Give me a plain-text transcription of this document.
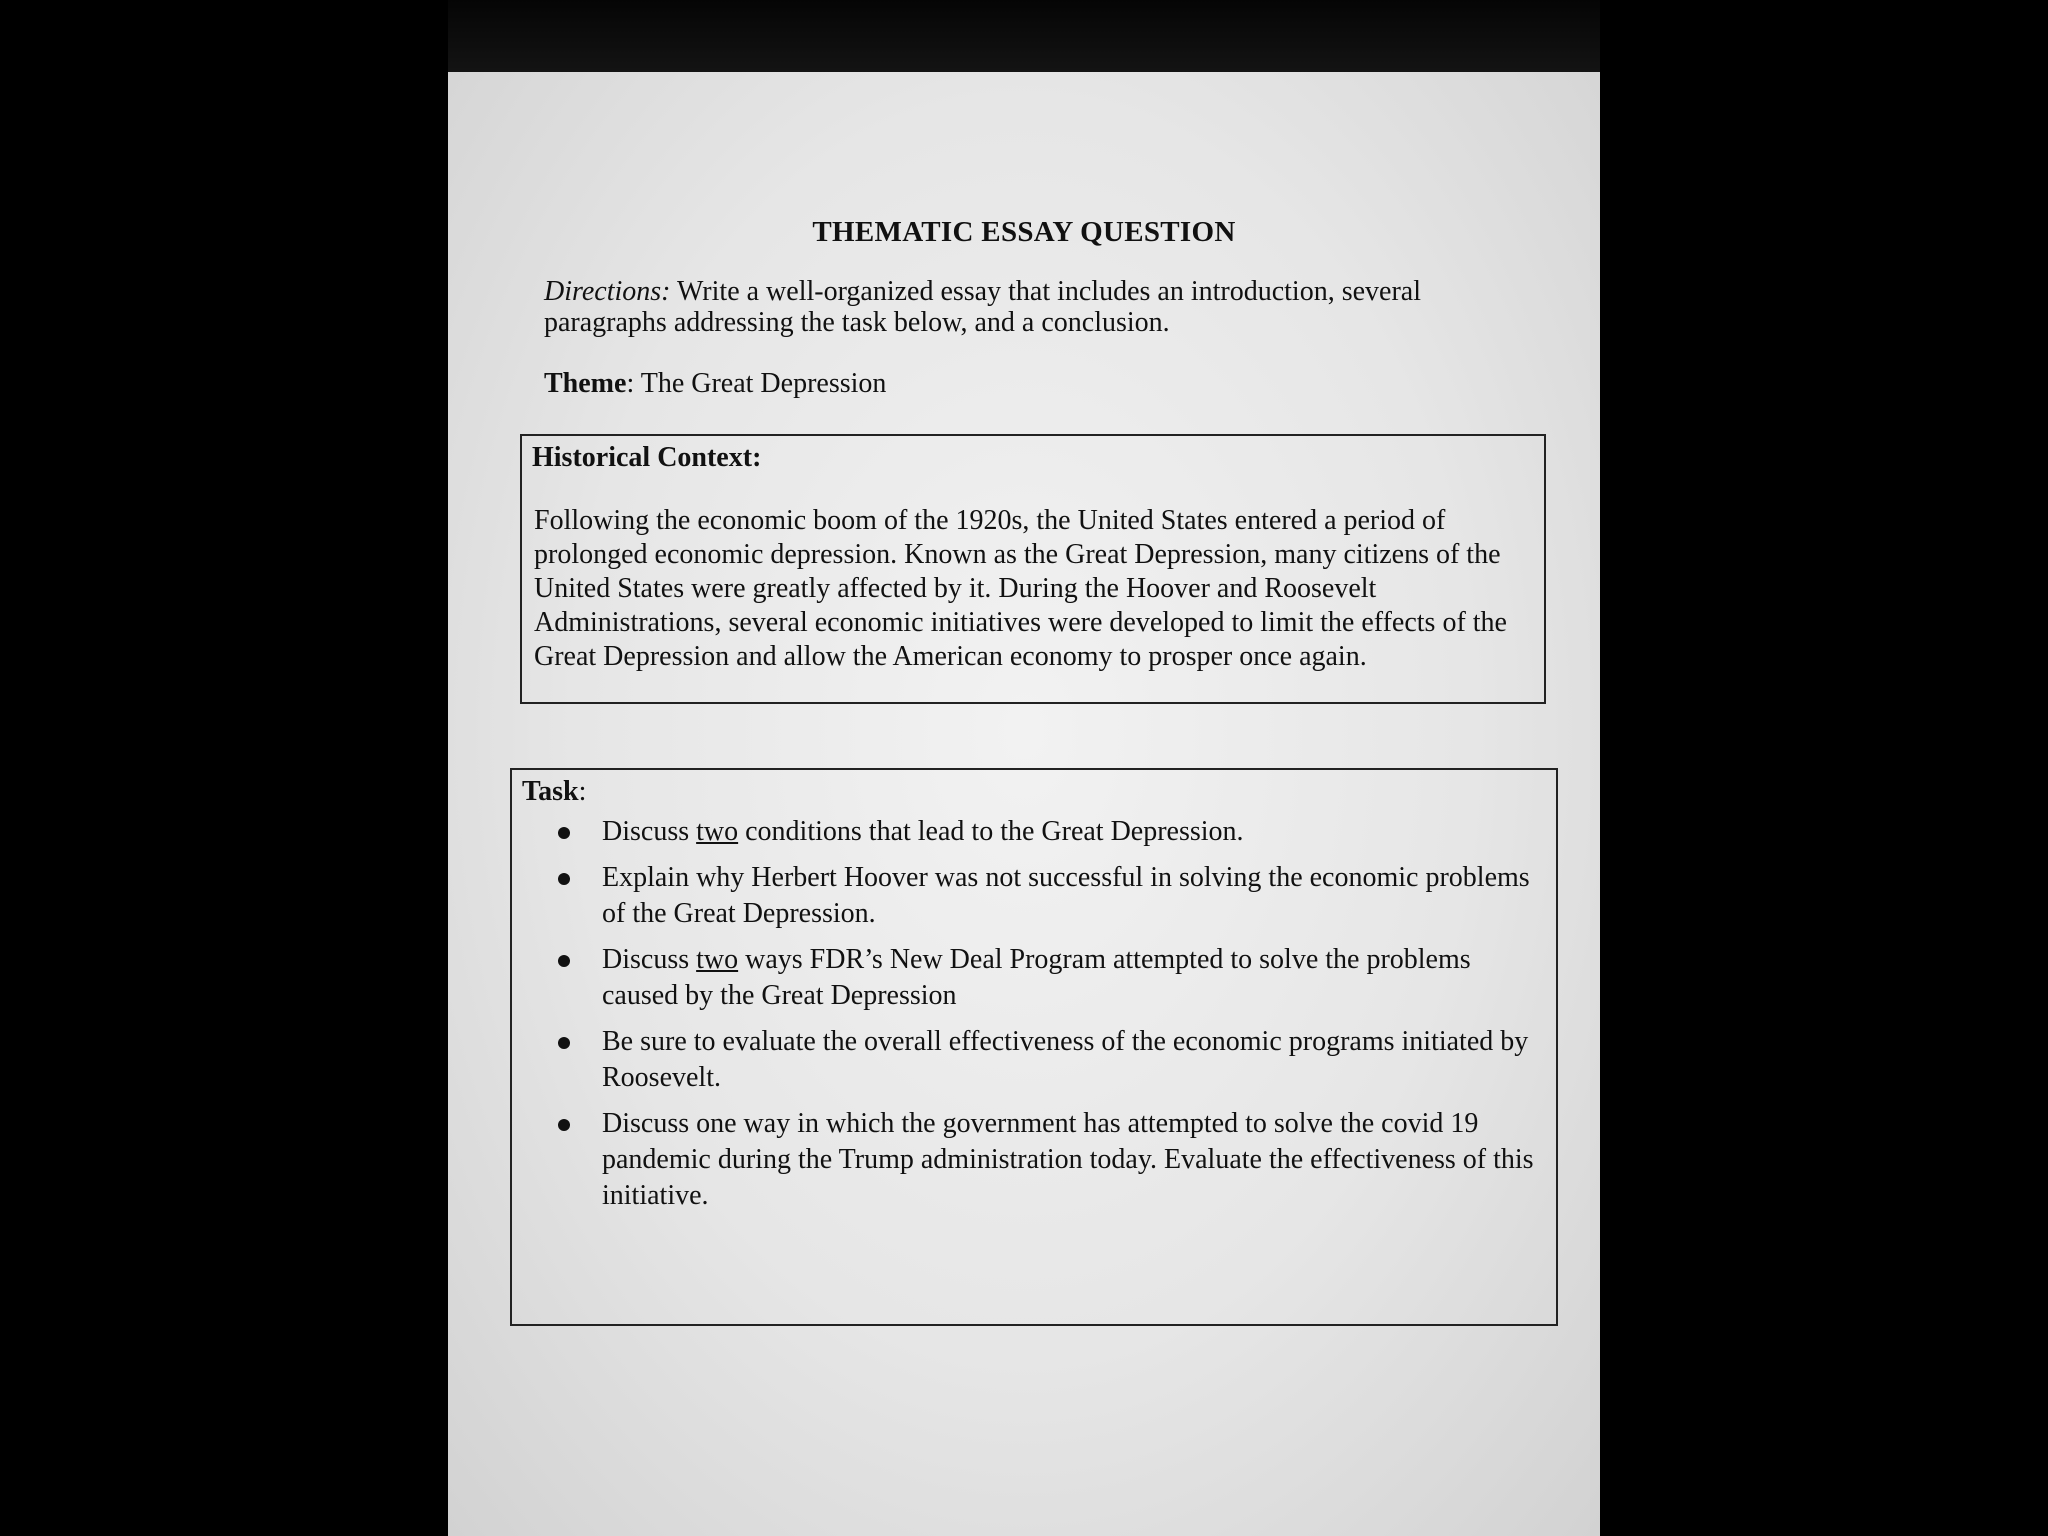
THEMATIC ESSAY QUESTION
Directions: Write a well-organized essay that includes an introduction, several paragraphs addressing the task below, and a conclusion.
Theme: The Great Depression
Historical Context:
Following the economic boom of the 1920s, the United States entered a period of prolonged economic depression. Known as the Great Depression, many citizens of the United States were greatly affected by it. During the Hoover and Roosevelt Administrations, several economic initiatives were developed to limit the effects of the Great Depression and allow the American economy to prosper once again.
Task:
Discuss two conditions that lead to the Great Depression.
Explain why Herbert Hoover was not successful in solving the economic problems of the Great Depression.
Discuss two ways FDR’s New Deal Program attempted to solve the problems caused by the Great Depression
Be sure to evaluate the overall effectiveness of the economic programs initiated by Roosevelt.
Discuss one way in which the government has attempted to solve the covid 19 pandemic during the Trump administration today. Evaluate the effectiveness of this initiative.
